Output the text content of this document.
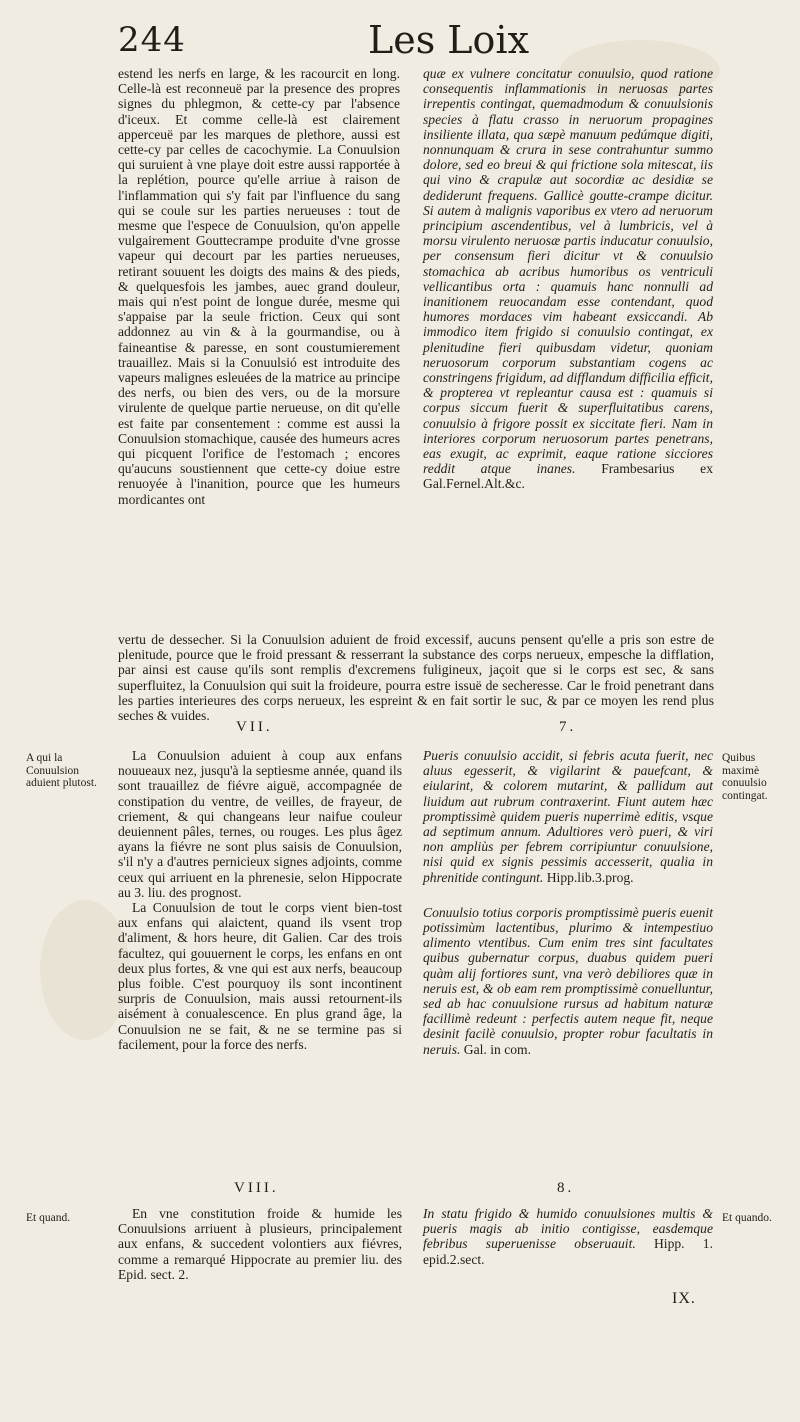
244	Les Loix

estend les nerfs en large, & les racourcit en long. Celle-là est reconneuë par la presence des propres signes du phlegmon, & cette-cy par l'absence d'iceux. Et comme celle-là est clairement apperceuë par les marques de plethore, aussi est cette-cy par celles de cacochymie. La Conuulsion qui suruient à vne playe doit estre aussi rapportée à la replétion, pource qu'elle arriue à raison de l'inflammation qui s'y fait par l'influence du sang qui se coule sur les parties nerueuses : tout de mesme que l'espece de Conuulsion, qu'on appelle vulgairement Gouttecrampe produite d'vne grosse vapeur qui decourt par les parties nerueuses, retirant souuent les doigts des mains & des pieds, & quelquesfois les jambes, auec grand douleur, mais qui n'est point de longue durée, mesme qui s'appaise par la seule friction. Ceux qui sont addonnez au vin & à la gourmandise, ou à faineantise & paresse, en sont coustumierement trauaillez. Mais si la Conuulsió est introduite des vapeurs malignes esleuées de la matrice au principe des nerfs, ou bien des vers, ou de la morsure virulente de quelque partie nerueuse, on dit qu'elle est faite par consentement : comme est aussi la Conuulsion stomachique, causée des humeurs acres qui picquent l'orifice de l'estomach ; encores qu'aucuns soustiennent que cette-cy doiue estre renuoyée à l'inanition, pource que les humeurs mordicantes ont

quæ ex vulnere concitatur conuulsio, quod ratione consequentis inflammationis in neruosas partes irrepentis contingat, quemadmodum & conuulsionis species à flatu crasso in neruorum propagines insiliente illata, qua sæpè manuum pedúmque digiti, nonnunquam & crura in sese contrahuntur summo dolore, sed eo breui & qui frictione sola mitescat, iis qui vino & crapulæ aut socordiæ ac desidiæ se dediderunt frequens. Gallicè goutte-crampe dicitur. Si autem à malignis vaporibus ex vtero ad neruorum principium ascendentibus, vel à lumbricis, vel à morsu virulento neruosæ partis inducatur conuulsio, per consensum fieri dicitur vt & conuulsio stomachica ab acribus humoribus os ventriculi vellicantibus orta : quamuis hanc nonnulli ad inanitionem reuocandam esse contendant, quod humores mordaces vim habeant exsiccandi. Ab immodico item frigido si conuulsio contingat, ex plenitudine fieri quibusdam videtur, quoniam neruosorum corporum substantiam cogens ac constringens frigidum, ad difflandum difficilia efficit, & propterea vt repleantur causa est : quamuis si corpus siccum fuerit & superfluitatibus carens, conuulsio à frigore possit ex siccitate fieri. Nam in interiores corporum neruosorum partes penetrans, eas exugit, ac exprimit, eaque ratione sicciores reddit atque inanes. Frambesarius ex Gal.Fernel.Alt.&c.

vertu de dessecher. Si la Conuulsion aduient de froid excessif, aucuns pensent qu'elle a pris son estre de plenitude, pource que le froid pressant & resserrant la substance des corps nerueux, empesche la difflation, par ainsi est cause qu'ils sont remplis d'excremens fuligineux, jaçoit que si le corps est sec, & sans superfluitez, la Conuulsion qui suit la froideure, pourra estre issuë de secheresse. Car le froid penetrant dans les parties interieures des corps nerueux, les espreint & en fait sortir le suc, & par ce moyen les rend plus seches & vuides.

VII.	7.
A qui la Conuulsion aduient plutost.
Quibus maximè conuulsio contingat.

La Conuulsion aduient à coup aux enfans nouueaux nez, jusqu'à la septiesme année, quand ils sont trauaillez de fiévre aiguë, accompagnée de constipation du ventre, de veilles, de frayeur, de criement, & qui changeans leur naifue couleur deuiennent pâles, ternes, ou rouges. Les plus âgez ayans la fiévre ne sont plus saisis de Conuulsion, s'il n'y a d'autres pernicieux signes adjoints, comme ceux qui arriuent en la phrenesie, selon Hippocrate au 3. liu. des prognost.

La Conuulsion de tout le corps vient bien-tost aux enfans qui alaictent, quand ils vsent trop d'aliment, & hors heure, dit Galien. Car des trois facultez, qui gouuernent le corps, les enfans en ont deux plus fortes, & vne qui est aux nerfs, beaucoup plus foible. C'est pourquoy ils sont incontinent surpris de Conuulsion, mais aussi retournent-ils aisément à conualescence. En plus grand âge, la Conuulsion ne se fait, & ne se termine pas si facilement, pour la force des nerfs.

Pueris conuulsio accidit, si febris acuta fuerit, nec aluus egesserit, & vigilarint & pauefcant, & eiularint, & colorem mutarint, & pallidum aut liuidum aut rubrum contraxerint. Fiunt autem hæc promptissimè quidem pueris nuperrimè editis, vsque ad septimum annum. Adultiores verò pueri, & viri non ampliùs per febrem corripiuntur conuulsione, nisi quid ex signis pessimis accesserit, qualia in phrenitide contingunt. Hipp.lib.3.prog.

Conuulsio totius corporis promptissimè pueris euenit potissimùm lactentibus, plurimo & intempestiuo alimento vtentibus. Cum enim tres sint facultates quibus gubernatur corpus, duabus quidem pueri quàm alij fortiores sunt, vna verò debiliores quæ in neruis est, & ob eam rem promptissimè conuelluntur, sed ab hac conuulsione rursus ad habitum naturæ facillimè redeunt : perfectis autem neque fit, neque desinit facilè conuulsio, propter robur facultatis in neruis. Gal. in com.

VIII.	8.
Et quand.	Et quando.

En vne constitution froide & humide les Conuulsions arriuent à plusieurs, principalement aux enfans, & succedent volontiers aux fiévres, comme a remarqué Hippocrate au premier liu. des Epid. sect. 2.

In statu frigido & humido conuulsiones multis & pueris magis ab initio contigisse, easdemque febribus superuenisse obseruauit. Hipp. 1. epid.2.sect.

IX.
